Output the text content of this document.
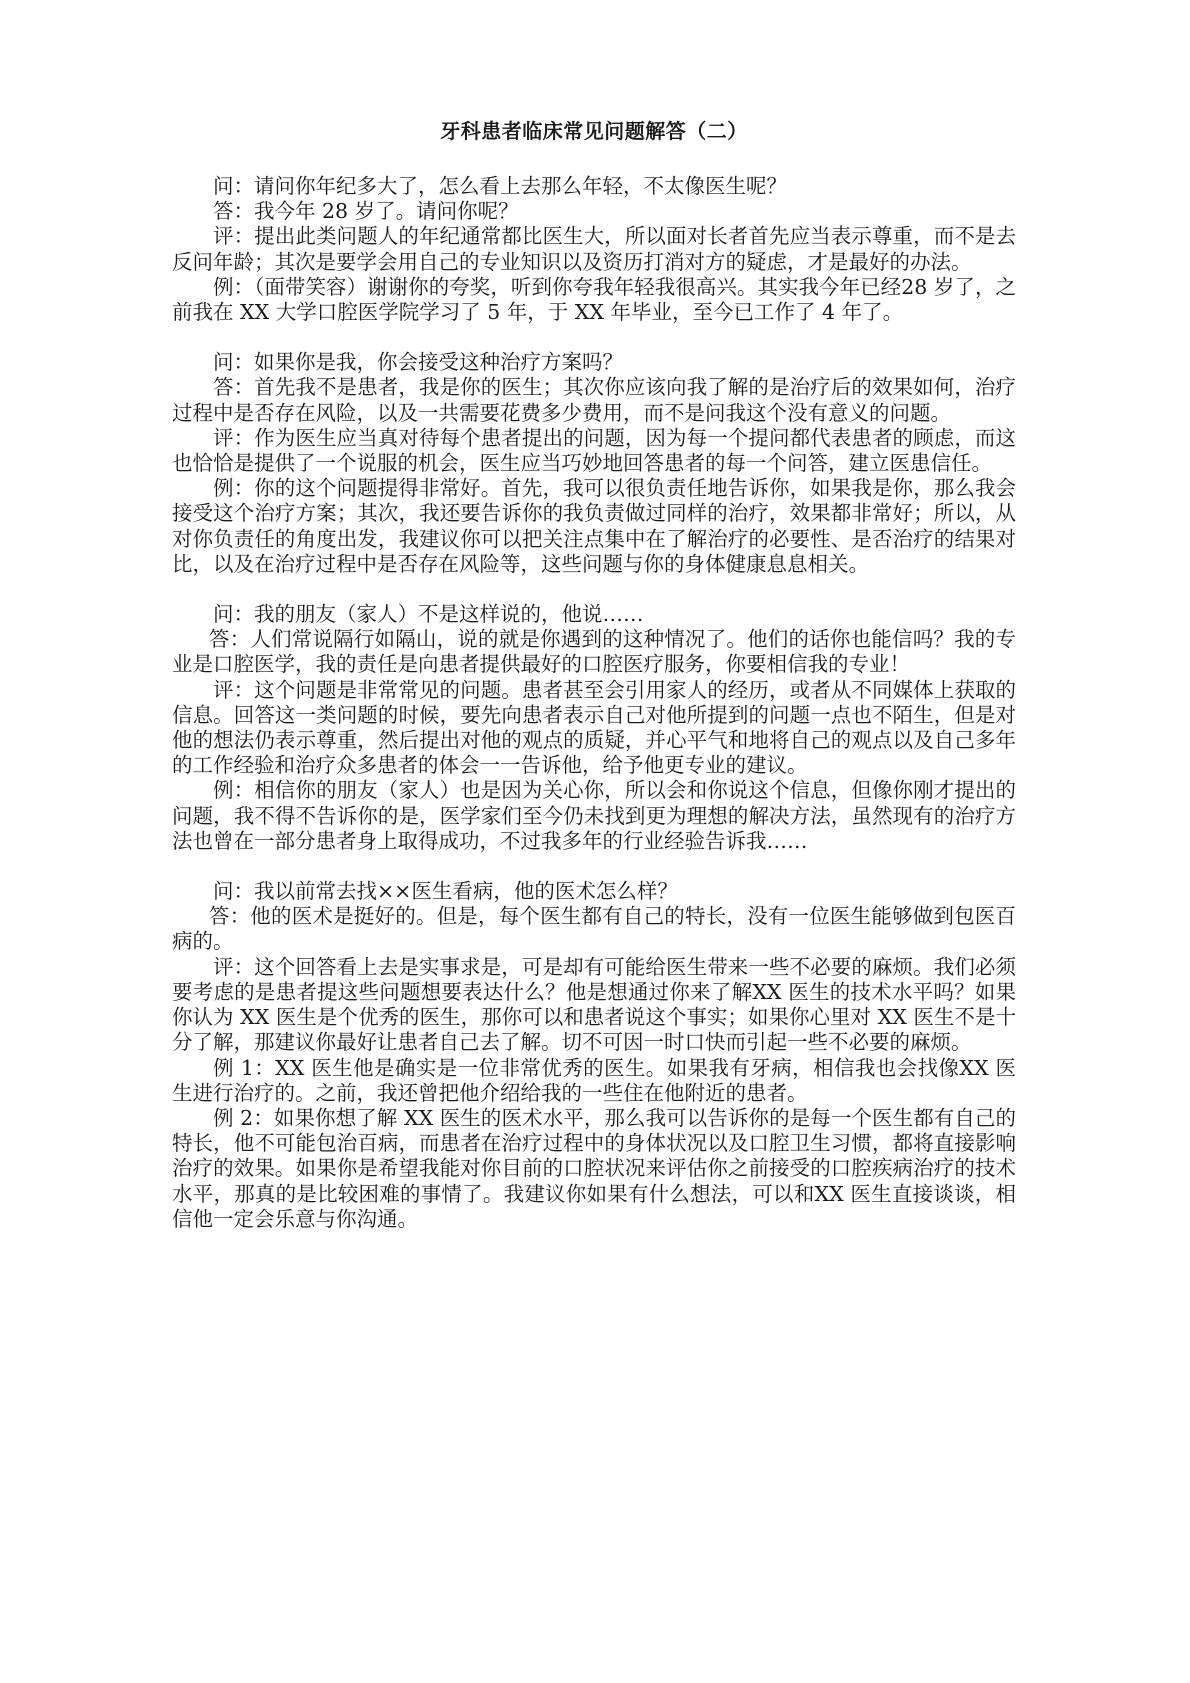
牙科患者临床常见问题解答（二）

问：请问你年纪多大了，怎么看上去那么年轻，不太像医生呢？

答：我今年 28 岁了。请问你呢？

评：提出此类问题人的年纪通常都比医生大，所以面对长者首先应当表示尊重，而不是去反问年龄；其次是要学会用自己的专业知识以及资历打消对方的疑虑，才是最好的办法。

例：（面带笑容）谢谢你的夸奖，听到你夸我年轻我很高兴。其实我今年已经28 岁了，之前我在 XX 大学口腔医学院学习了 5 年，于 XX 年毕业，至今已工作了 4 年了。

问：如果你是我，你会接受这种治疗方案吗？

答：首先我不是患者，我是你的医生；其次你应该向我了解的是治疗后的效果如何，治疗过程中是否存在风险，以及一共需要花费多少费用，而不是问我这个没有意义的问题。

评：作为医生应当真对待每个患者提出的问题，因为每一个提问都代表患者的顾虑，而这也恰恰是提供了一个说服的机会，医生应当巧妙地回答患者的每一个问答，建立医患信任。

例：你的这个问题提得非常好。首先，我可以很负责任地告诉你，如果我是你，那么我会接受这个治疗方案；其次，我还要告诉你的我负责做过同样的治疗，效果都非常好；所以，从对你负责任的角度出发，我建议你可以把关注点集中在了解治疗的必要性、是否治疗的结果对比，以及在治疗过程中是否存在风险等，这些问题与你的身体健康息息相关。

问：我的朋友（家人）不是这样说的，他说……

答：人们常说隔行如隔山，说的就是你遇到的这种情况了。他们的话你也能信吗？我的专业是口腔医学，我的责任是向患者提供最好的口腔医疗服务，你要相信我的专业！

评：这个问题是非常常见的问题。患者甚至会引用家人的经历，或者从不同媒体上获取的信息。回答这一类问题的时候，要先向患者表示自己对他所提到的问题一点也不陌生，但是对他的想法仍表示尊重，然后提出对他的观点的质疑，并心平气和地将自己的观点以及自己多年的工作经验和治疗众多患者的体会一一告诉他，给予他更专业的建议。

例：相信你的朋友（家人）也是因为关心你，所以会和你说这个信息，但像你刚才提出的问题，我不得不告诉你的是，医学家们至今仍未找到更为理想的解决方法，虽然现有的治疗方法也曾在一部分患者身上取得成功，不过我多年的行业经验告诉我……

问：我以前常去找××医生看病，他的医术怎么样？

答：他的医术是挺好的。但是，每个医生都有自己的特长，没有一位医生能够做到包医百病的。

评：这个回答看上去是实事求是，可是却有可能给医生带来一些不必要的麻烦。我们必须要考虑的是患者提这些问题想要表达什么？他是想通过你来了解XX 医生的技术水平吗？如果你认为 XX 医生是个优秀的医生，那你可以和患者说这个事实；如果你心里对 XX 医生不是十分了解，那建议你最好让患者自己去了解。切不可因一时口快而引起一些不必要的麻烦。

例 1：XX 医生他是确实是一位非常优秀的医生。如果我有牙病，相信我也会找像XX 医生进行治疗的。之前，我还曾把他介绍给我的一些住在他附近的患者。

例 2：如果你想了解 XX 医生的医术水平，那么我可以告诉你的是每一个医生都有自己的特长，他不可能包治百病，而患者在治疗过程中的身体状况以及口腔卫生习惯，都将直接影响治疗的效果。如果你是希望我能对你目前的口腔状况来评估你之前接受的口腔疾病治疗的技术水平，那真的是比较困难的事情了。我建议你如果有什么想法，可以和XX 医生直接谈谈，相信他一定会乐意与你沟通。
